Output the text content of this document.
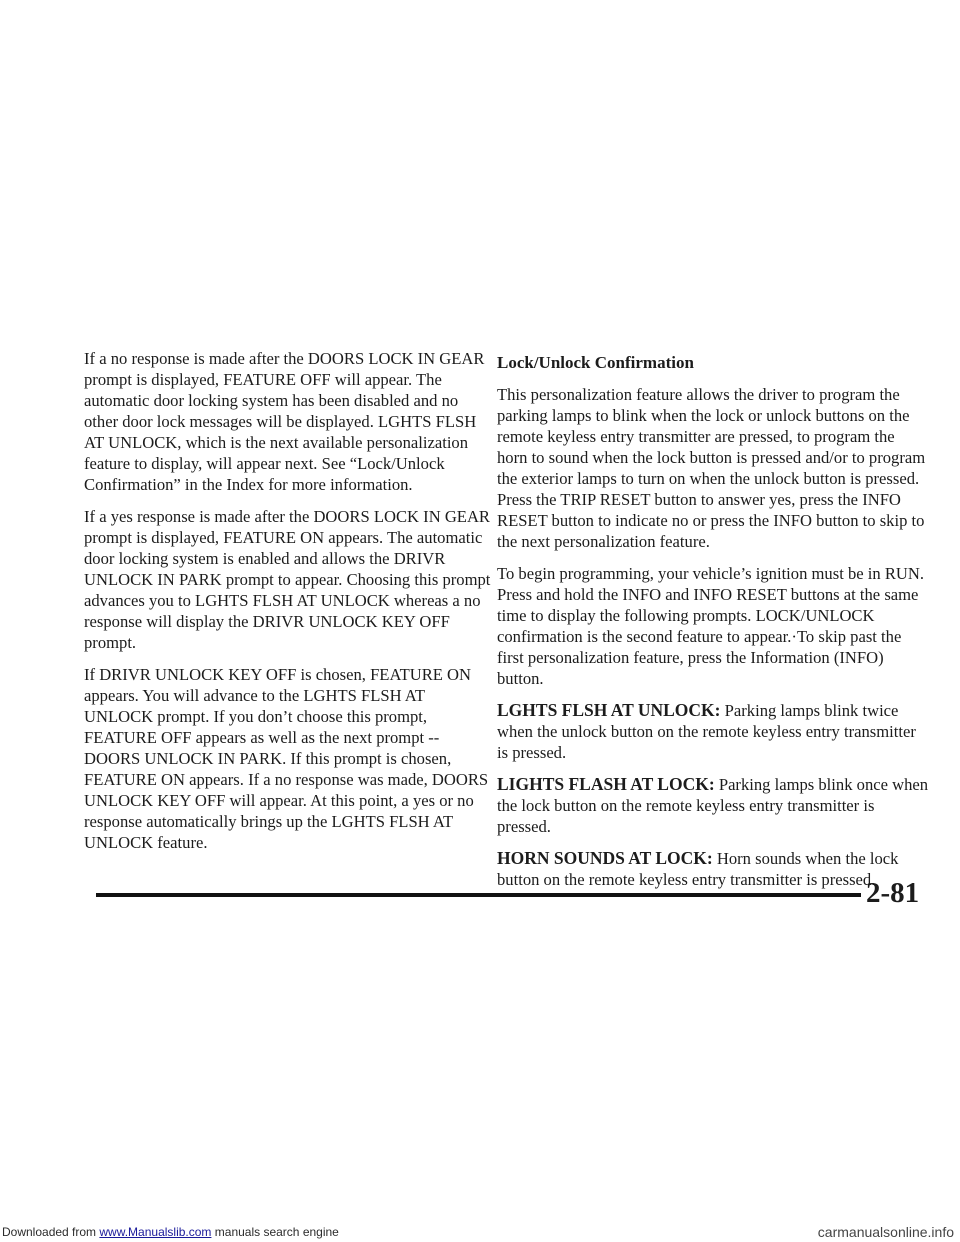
If a no response is made after the DOORS LOCK IN GEAR prompt is displayed, FEATURE OFF will appear. The automatic door locking system has been disabled and no other door lock messages will be displayed. LGHTS FLSH AT UNLOCK, which is the next available personalization feature to display, will appear next. See “Lock/Unlock Confirmation” in the Index for more information.

If a yes response is made after the DOORS LOCK IN GEAR prompt is displayed, FEATURE ON appears. The automatic door locking system is enabled and allows the DRIVR UNLOCK IN PARK prompt to appear. Choosing this prompt advances you to LGHTS FLSH AT UNLOCK whereas a no response will display the DRIVR UNLOCK KEY OFF prompt.

If DRIVR UNLOCK KEY OFF is chosen, FEATURE ON appears. You will advance to the LGHTS FLSH AT UNLOCK prompt. If you don’t choose this prompt, FEATURE OFF appears as well as the next prompt -- DOORS UNLOCK IN PARK. If this prompt is chosen, FEATURE ON appears. If a no response was made, DOORS UNLOCK KEY OFF will appear. At this point, a yes or no response automatically brings up the LGHTS FLSH AT UNLOCK feature.

Lock/Unlock Confirmation

This personalization feature allows the driver to program the parking lamps to blink when the lock or unlock buttons on the remote keyless entry transmitter are pressed, to program the horn to sound when the lock button is pressed and/or to program the exterior lamps to turn on when the unlock button is pressed. Press the TRIP RESET button to answer yes, press the INFO RESET button to indicate no or press the INFO button to skip to the next personalization feature.

To begin programming, your vehicle’s ignition must be in RUN. Press and hold the INFO and INFO RESET buttons at the same time to display the following prompts. LOCK/UNLOCK confirmation is the second feature to appear.·To skip past the first personalization feature, press the Information (INFO) button.

LGHTS FLSH AT UNLOCK: Parking lamps blink twice when the unlock button on the remote keyless entry transmitter is pressed.

LIGHTS FLASH AT LOCK: Parking lamps blink once when the lock button on the remote keyless entry transmitter is pressed.

HORN SOUNDS AT LOCK: Horn sounds when the lock button on the remote keyless entry transmitter is pressed.

2-81
Downloaded from www.Manualslib.com manuals search engine	carmanualsonline.info
